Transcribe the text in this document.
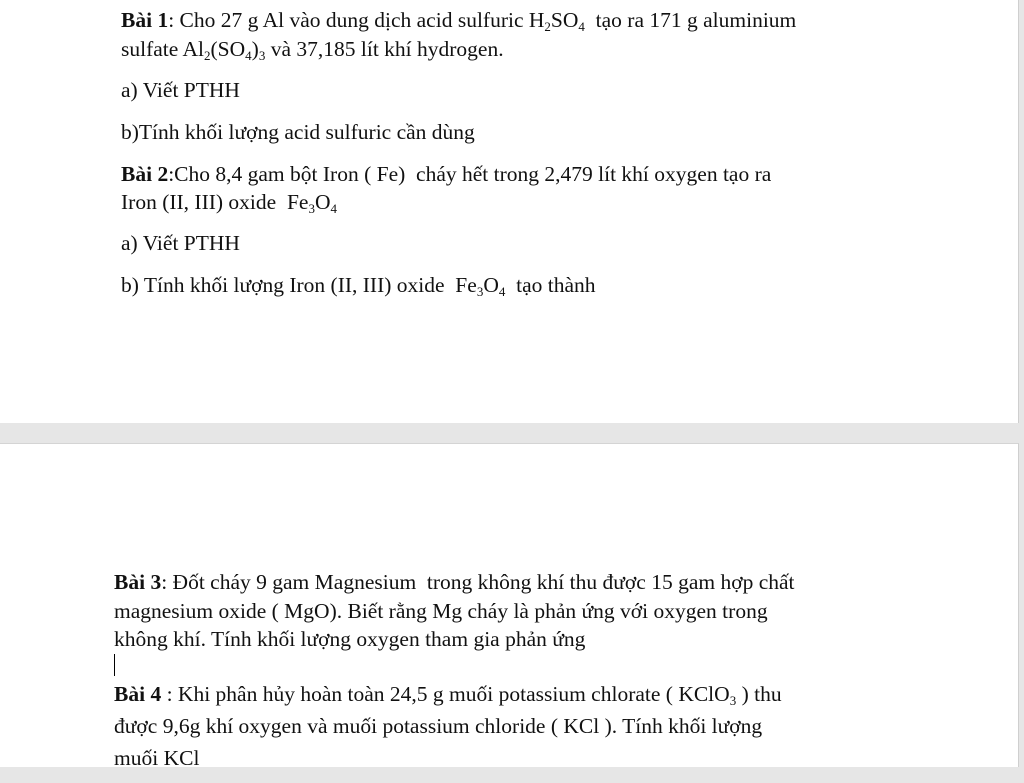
Bài 1: Cho 27 g Al vào dung dịch acid sulfuric $H_2SO_4$  tạo ra 171 g aluminium
sulfate $Al_2(SO_4)_3$ và 37,185 lít khí hydrogen.
a) Viết PTHH
b)Tính khối lượng acid sulfuric cần dùng
Bài 2:Cho 8,4 gam bột Iron ( Fe)  cháy hết trong 2,479 lít khí oxygen tạo ra
Iron (II, III) oxide  $Fe_3O_4$
a) Viết PTHH
b) Tính khối lượng Iron (II, III) oxide  $Fe_3O_4$  tạo thành
Bài 3: Đốt cháy 9 gam Magnesium  trong không khí thu được 15 gam hợp chất
magnesium oxide ( MgO). Biết rằng Mg cháy là phản ứng với oxygen trong
không khí. Tính khối lượng oxygen tham gia phản ứng
Bài 4 : Khi phân hủy hoàn toàn 24,5 g muối potassium chlorate ( KClO$_3$ ) thu
được 9,6g khí oxygen và muối potassium chloride ( KCl ). Tính khối lượng
muối KCl
